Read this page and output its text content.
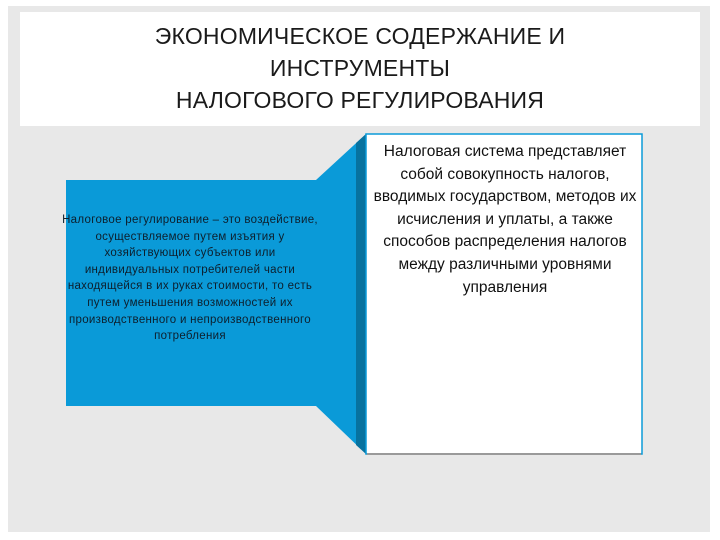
ЭКОНОМИЧЕСКОЕ СОДЕРЖАНИЕ И
ИНСТРУМЕНТЫ
НАЛОГОВОГО РЕГУЛИРОВАНИЯ
Налоговое регулирование – это воздействие, осуществляемое путем изъятия у хозяйствующих субъектов или индивидуальных потребителей части находящейся в их руках стоимости, то есть путем уменьшения возможностей их производственного и непроизводственного потребления
Налоговая система представляет собой совокупность налогов, вводимых государством, методов их исчисления и уплаты, а также способов распределения налогов между различными уровнями управления
